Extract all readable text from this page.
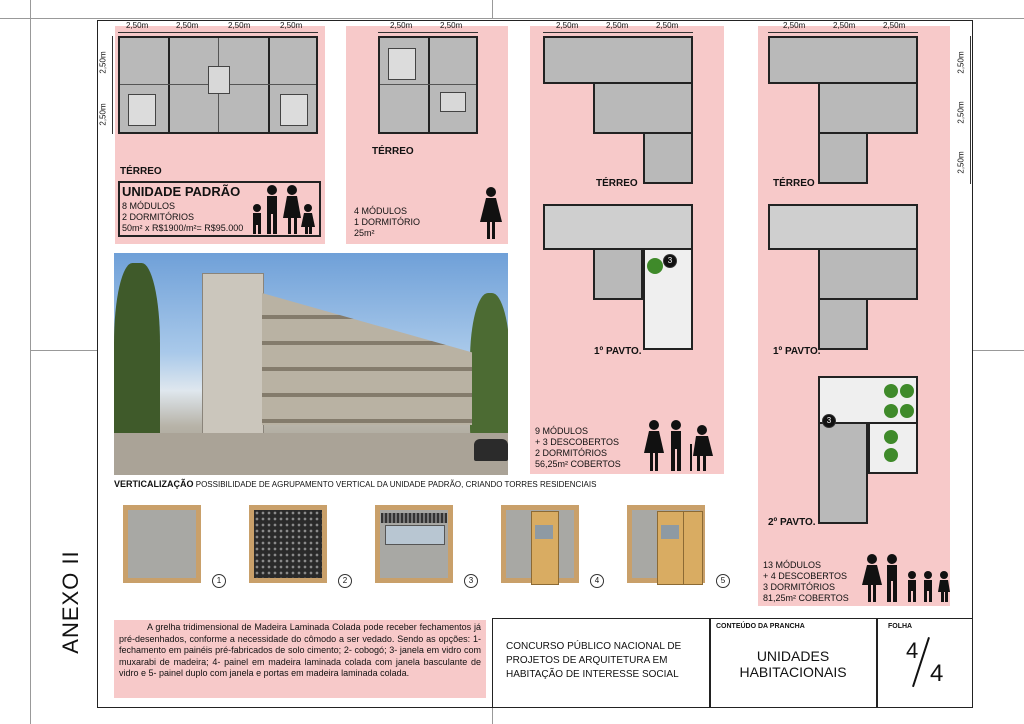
ANEXO II
2,50m	2,50m	2,50m	2,50m
2,50m
2,50m
TÉRREO
UNIDADE PADRÃO
8 MÓDULOS
2 DORMITÓRIOS
50m² x R$1900/m²= R$95.000
2,50m	2,50m
TÉRREO
4 MÓDULOS
1 DORMITÓRIO
25m²
VERTICALIZAÇÃO POSSIBILIDADE DE AGRUPAMENTO VERTICAL DA UNIDADE PADRÃO, CRIANDO TORRES RESIDENCIAIS
2,50m	2,50m	2,50m
TÉRREO
3
1º PAVTO.
9 MÓDULOS
+ 3 DESCOBERTOS
2 DORMITÓRIOS
56,25m² COBERTOS
2,50m	2,50m	2,50m
2,50m
2,50m
2,50m
TÉRREO
1º PAVTO.
3
2º PAVTO.
13 MÓDULOS
+ 4 DESCOBERTOS
3 DORMITÓRIOS
81,25m² COBERTOS
1	2	3	4	5
A grelha tridimensional de Madeira Laminada Colada pode receber fechamentos já pré-desenhados, conforme a necessidade do cômodo a ser vedado. Sendo as opções: 1- fechamento em painéis pré-fabricados de solo cimento; 2- cobogó; 3- janela em vidro com muxarabi de madeira; 4- painel em madeira laminada colada com janela basculante de vidro e 5- painel duplo com janela e portas em madeira laminada colada.
CONCURSO PÚBLICO NACIONAL DE PROJETOS DE ARQUITETURA EM HABITAÇÃO DE INTERESSE SOCIAL
CONTEÚDO DA PRANCHA
UNIDADES HABITACIONAIS
FOLHA
4
4
